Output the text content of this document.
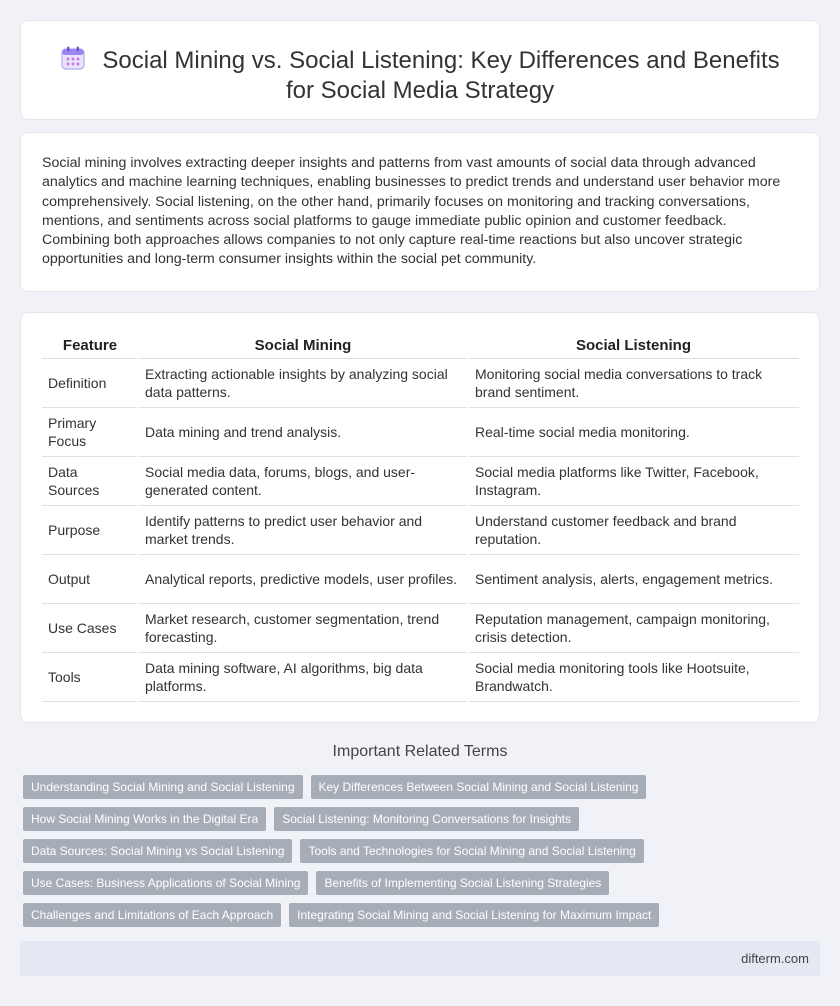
Social Mining vs. Social Listening: Key Differences and Benefits
for Social Media Strategy

Social mining involves extracting deeper insights and patterns from vast amounts of social data through advanced analytics and machine learning techniques, enabling businesses to predict trends and understand user behavior more comprehensively. Social listening, on the other hand, primarily focuses on monitoring and tracking conversations, mentions, and sentiments across social platforms to gauge immediate public opinion and customer feedback. Combining both approaches allows companies to not only capture real-time reactions but also uncover strategic opportunities and long-term consumer insights within the social pet community.

Feature	Social Mining	Social Listening
Definition	Extracting actionable insights by analyzing social data patterns.	Monitoring social media conversations to track brand sentiment.
Primary Focus	Data mining and trend analysis.	Real-time social media monitoring.
Data Sources	Social media data, forums, blogs, and user-generated content.	Social media platforms like Twitter, Facebook, Instagram.
Purpose	Identify patterns to predict user behavior and market trends.	Understand customer feedback and brand reputation.
Output	Analytical reports, predictive models, user profiles.	Sentiment analysis, alerts, engagement metrics.
Use Cases	Market research, customer segmentation, trend forecasting.	Reputation management, campaign monitoring, crisis detection.
Tools	Data mining software, AI algorithms, big data platforms.	Social media monitoring tools like Hootsuite, Brandwatch.
Important Related Terms
Understanding Social Mining and Social Listening	Key Differences Between Social Mining and Social Listening
How Social Mining Works in the Digital Era	Social Listening: Monitoring Conversations for Insights
Data Sources: Social Mining vs Social Listening	Tools and Technologies for Social Mining and Social Listening
Use Cases: Business Applications of Social Mining	Benefits of Implementing Social Listening Strategies
Challenges and Limitations of Each Approach	Integrating Social Mining and Social Listening for Maximum Impact
difterm.com
